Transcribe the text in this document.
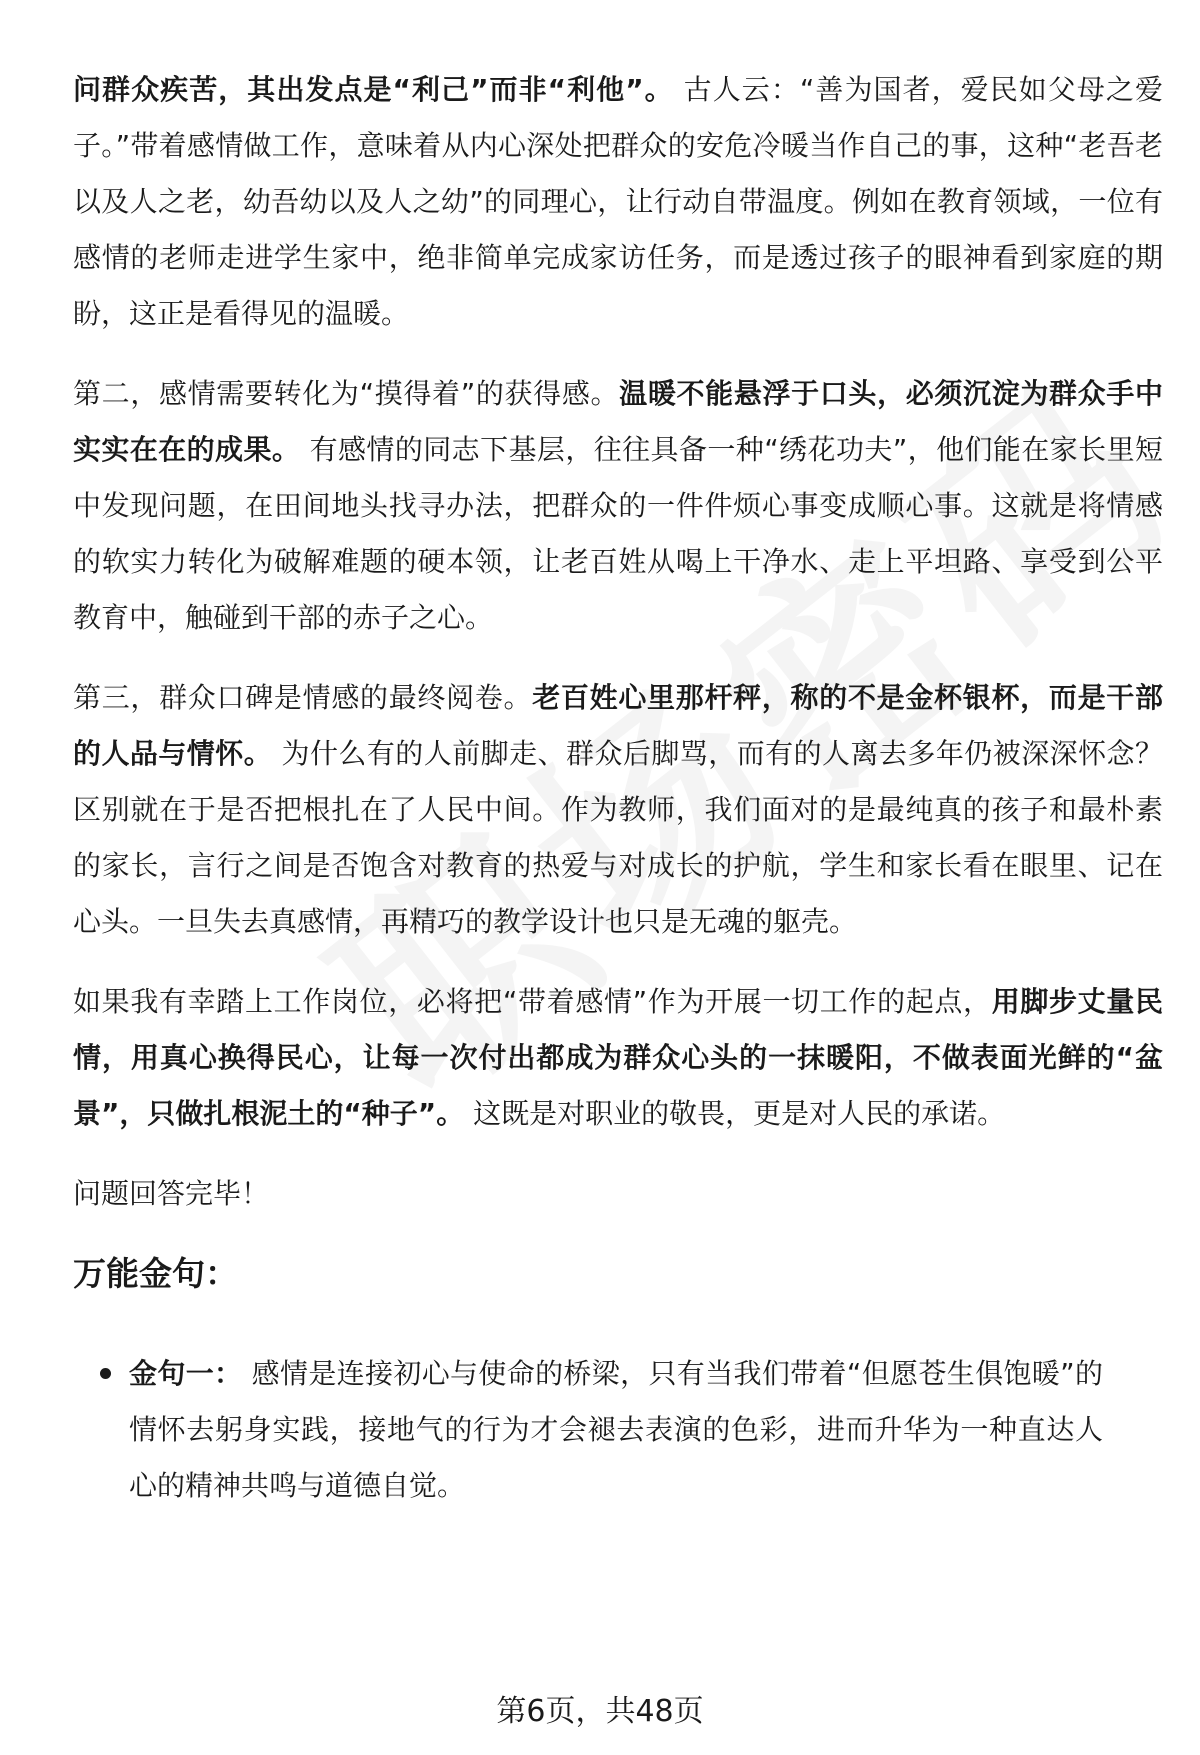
问群众疾苦，其出发点是“利己”而非“利他”。 古人云：“善为国者，爱民如父母之爱子。”带着感情做工作，意味着从内心深处把群众的安危冷暖当作自己的事，这种“老吾老以及人之老，幼吾幼以及人之幼”的同理心，让行动自带温度。例如在教育领域，一位有感情的老师走进学生家中，绝非简单完成家访任务，而是透过孩子的眼神看到家庭的期盼，这正是看得见的温暖。
第二，感情需要转化为“摸得着”的获得感。温暖不能悬浮于口头，必须沉淀为群众手中实实在在的成果。 有感情的同志下基层，往往具备一种“绣花功夫”，他们能在家长里短中发现问题，在田间地头找寻办法，把群众的一件件烦心事变成顺心事。这就是将情感的软实力转化为破解难题的硬本领，让老百姓从喝上干净水、走上平坦路、享受到公平教育中，触碰到干部的赤子之心。
第三，群众口碑是情感的最终阅卷。老百姓心里那杆秤，称的不是金杯银杯，而是干部的人品与情怀。 为什么有的人前脚走、群众后脚骂，而有的人离去多年仍被深深怀念？区别就在于是否把根扎在了人民中间。作为教师，我们面对的是最纯真的孩子和最朴素的家长，言行之间是否饱含对教育的热爱与对成长的护航，学生和家长看在眼里、记在心头。一旦失去真感情，再精巧的教学设计也只是无魂的躯壳。
如果我有幸踏上工作岗位，必将把“带着感情”作为开展一切工作的起点，用脚步丈量民情，用真心换得民心，让每一次付出都成为群众心头的一抹暖阳，不做表面光鲜的“盆景”，只做扎根泥土的“种子”。 这既是对职业的敬畏，更是对人民的承诺。
问题回答完毕！
万能金句：
金句一： 感情是连接初心与使命的桥梁，只有当我们带着“但愿苍生俱饱暖”的情怀去躬身实践，接地气的行为才会褪去表演的色彩，进而升华为一种直达人心的精神共鸣与道德自觉。
第6页，共48页
